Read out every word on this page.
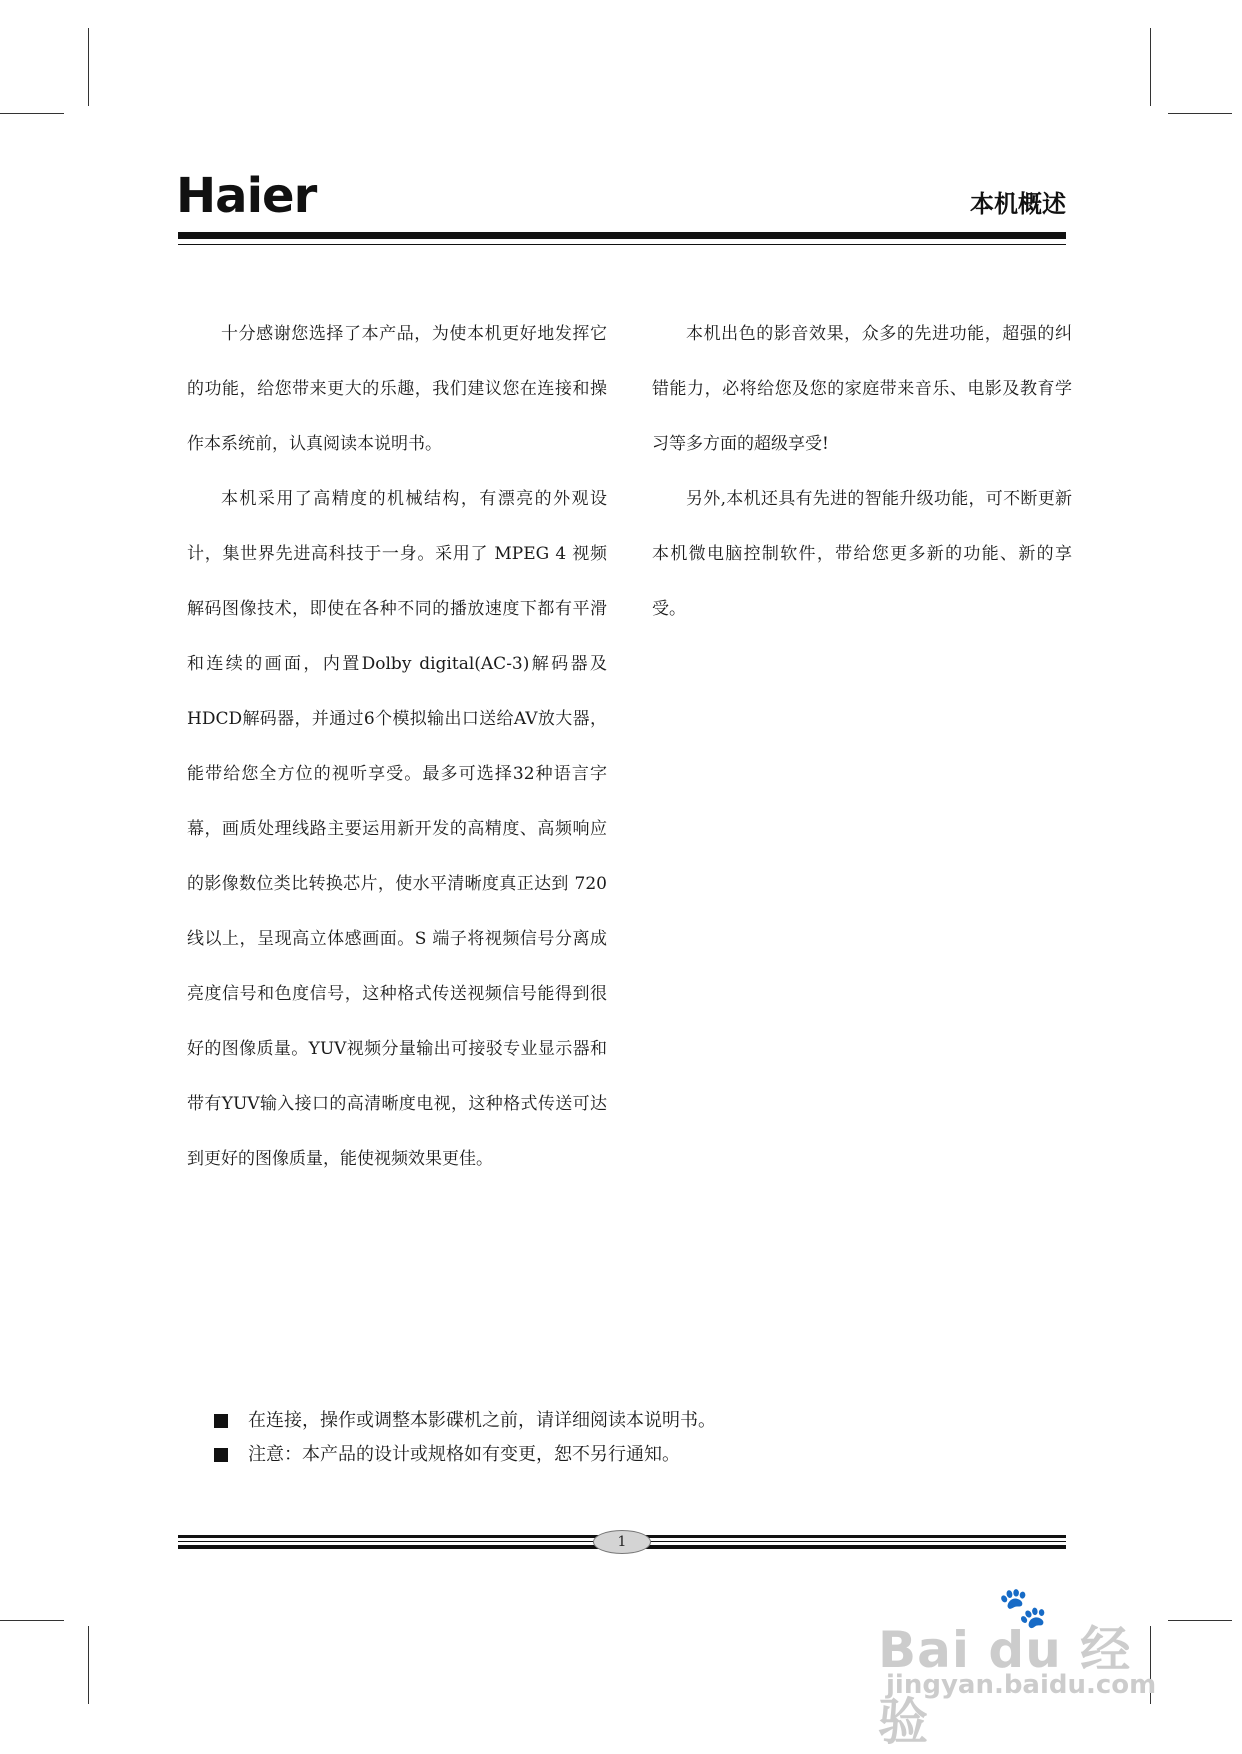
Haier	本机概述

十分感谢您选择了本产品，为使本机更好地发挥它的功能，给您带来更大的乐趣，我们建议您在连接和操作本系统前，认真阅读本说明书。

本机采用了高精度的机械结构，有漂亮的外观设计，集世界先进高科技于一身。采用了 MPEG 4 视频解码图像技术，即使在各种不同的播放速度下都有平滑和连续的画面，内置Dolby digital(AC-3)解码器及HDCD解码器，并通过6个模拟输出口送给AV放大器，能带给您全方位的视听享受。最多可选择32种语言字幕，画质处理线路主要运用新开发的高精度、高频响应的影像数位类比转换芯片，使水平清晰度真正达到 720线以上，呈现高立体感画面。S 端子将视频信号分离成亮度信号和色度信号，这种格式传送视频信号能得到很好的图像质量。YUV视频分量输出可接驳专业显示器和带有YUV输入接口的高清晰度电视，这种格式传送可达到更好的图像质量，能使视频效果更佳。

本机出色的影音效果，众多的先进功能，超强的纠错能力，必将给您及您的家庭带来音乐、电影及教育学习等多方面的超级享受!

另外,本机还具有先进的智能升级功能，可不断更新本机微电脑控制软件，带给您更多新的功能、新的享受。

在连接，操作或调整本影碟机之前，请详细阅读本说明书。
注意：本产品的设计或规格如有变更，恕不另行通知。
1
🐾
Bai du 经验
jingyan.baidu.com
